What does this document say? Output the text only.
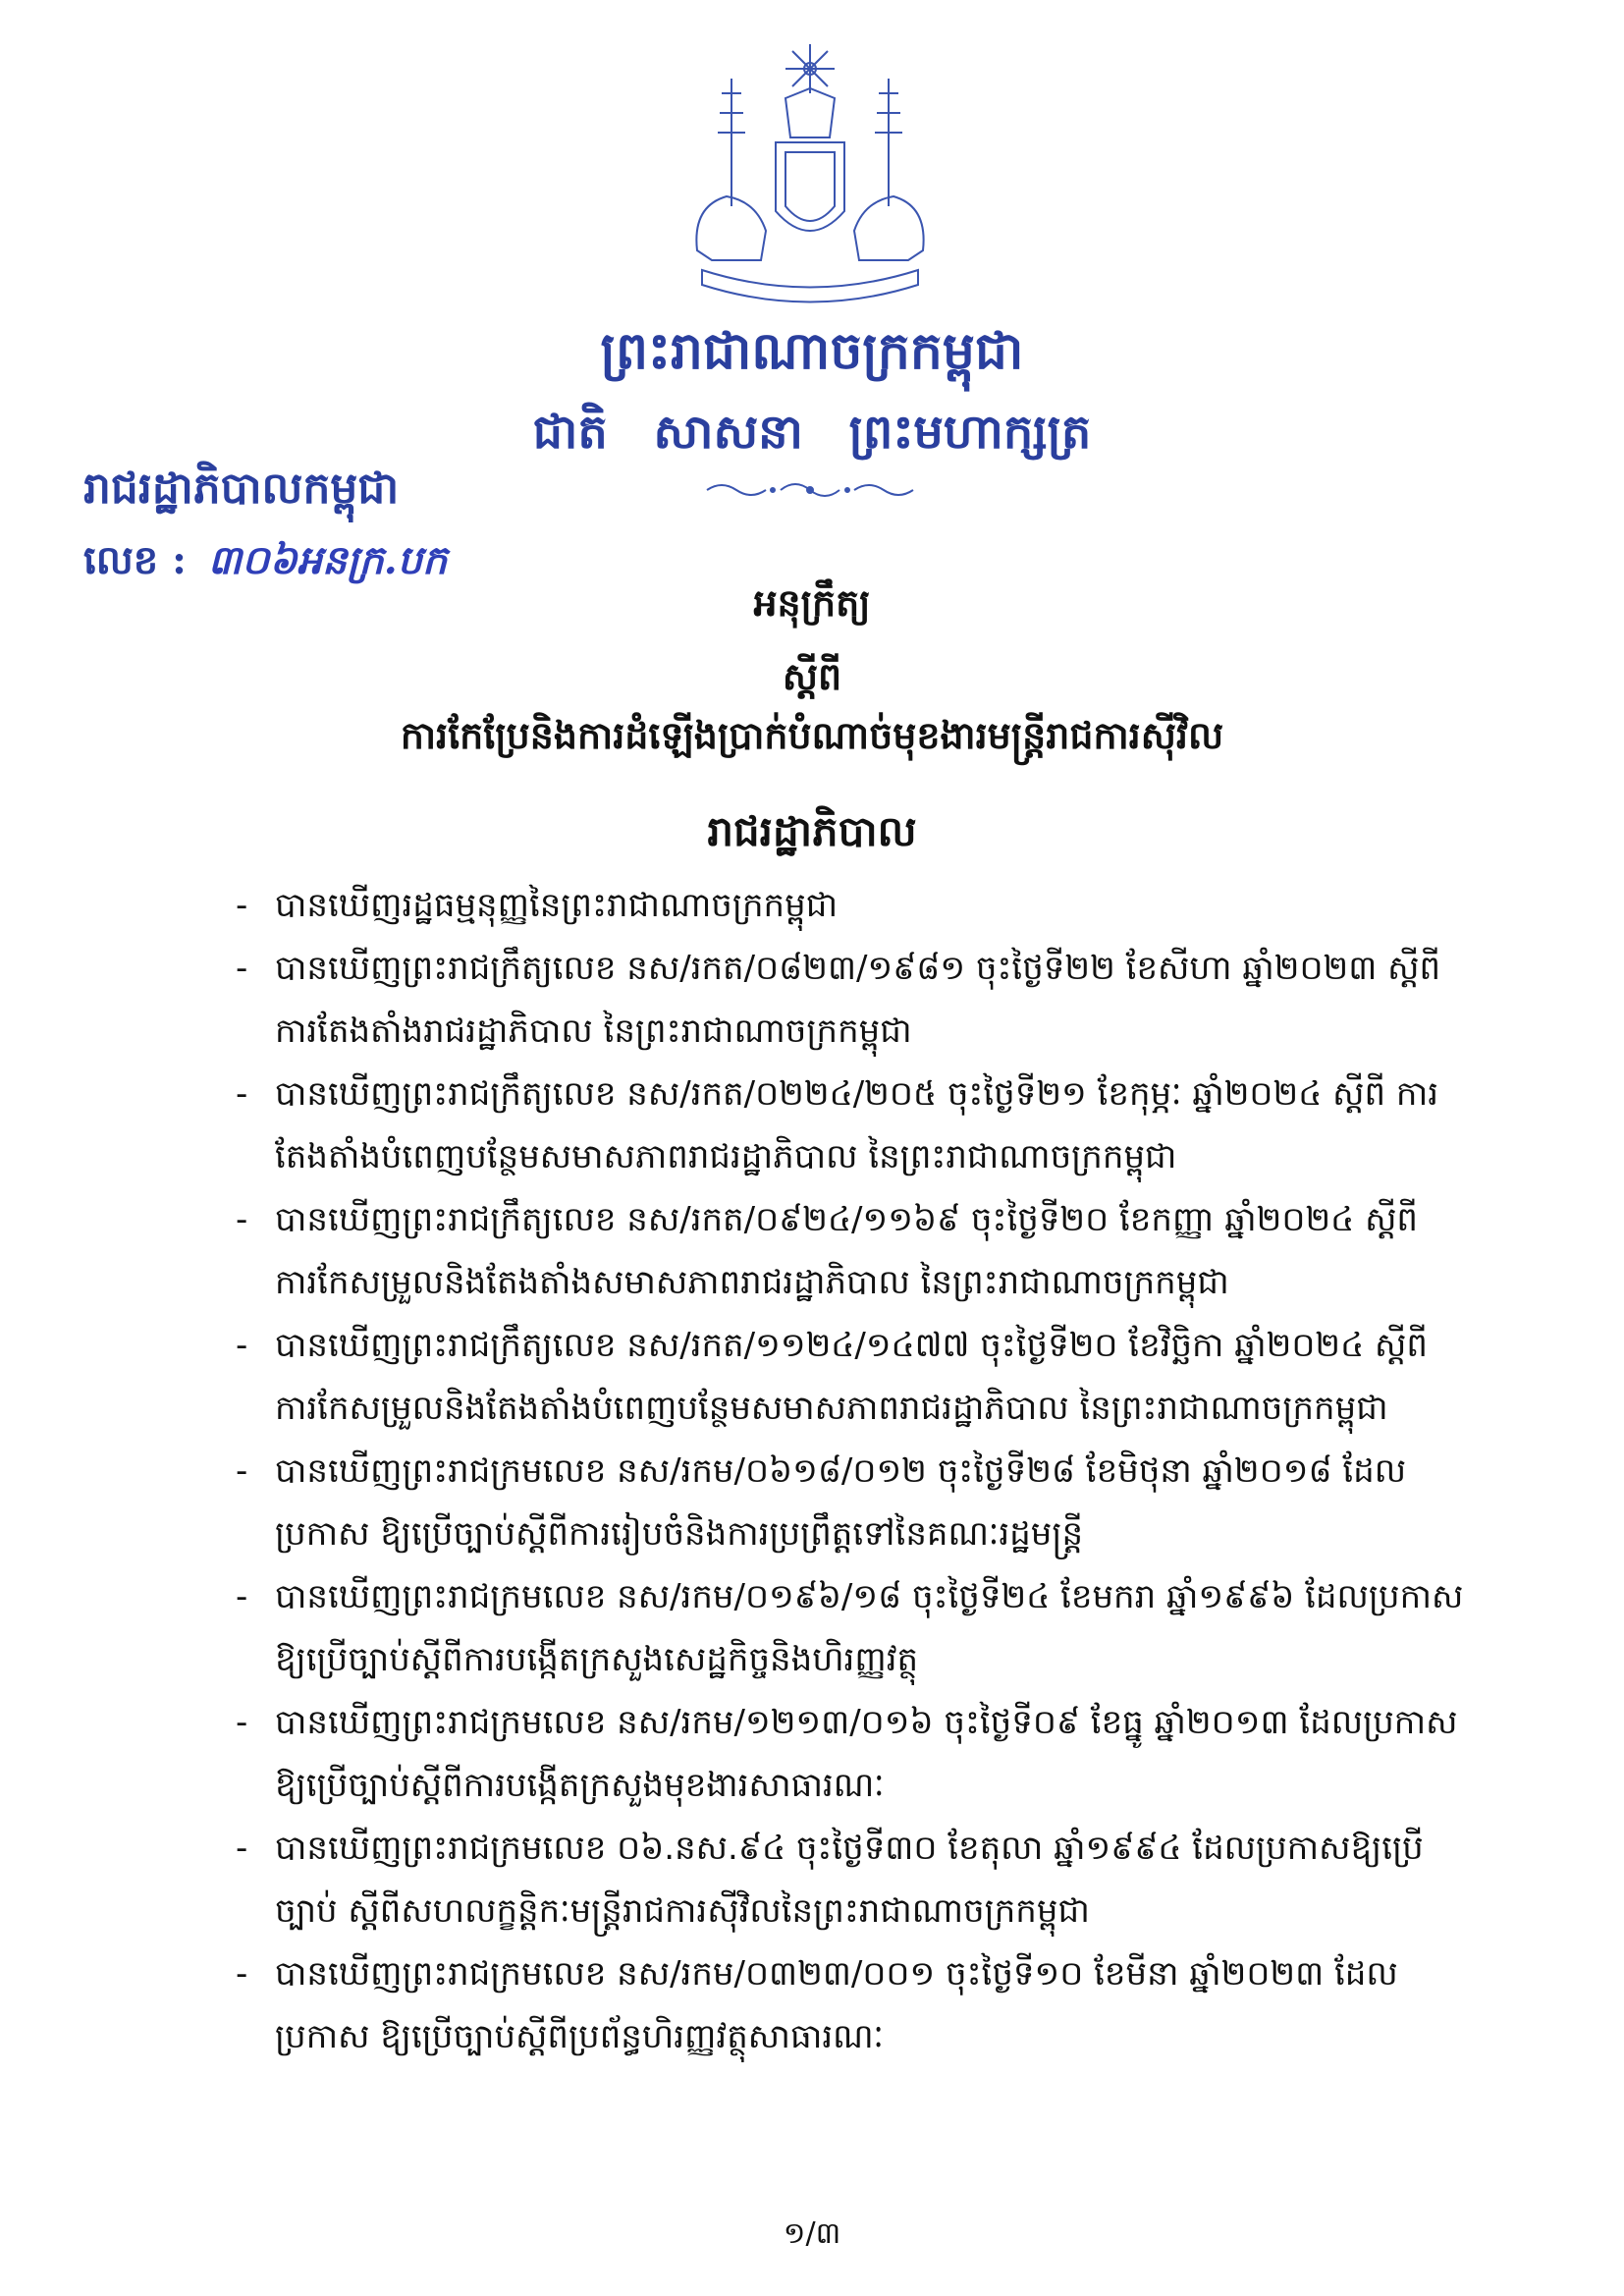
ព្រះរាជាណាចក្រកម្ពុជា
ជាតិ សាសនា ព្រះមហាក្សត្រ
រាជរដ្ឋាភិបាលកម្ពុជា
លេខ : ៣០៦អនក្រ.បក
អនុក្រឹត្យ
ស្តីពី
ការកែប្រែនិងការដំឡើងប្រាក់បំណាច់មុខងារមន្ត្រីរាជការស៊ីវិល
រាជរដ្ឋាភិបាល
- បានឃើញរដ្ឋធម្មនុញ្ញនៃព្រះរាជាណាចក្រកម្ពុជា
- បានឃើញព្រះរាជក្រឹត្យលេខ នស/រកត/០៨២៣/១៩៨១ ចុះថ្ងៃទី២២ ខែសីហា ឆ្នាំ២០២៣ ស្តីពី ការតែងតាំងរាជរដ្ឋាភិបាល នៃព្រះរាជាណាចក្រកម្ពុជា
- បានឃើញព្រះរាជក្រឹត្យលេខ នស/រកត/០២២៤/២០៥ ចុះថ្ងៃទី២១ ខែកុម្ភៈ ឆ្នាំ២០២៤ ស្តីពី ការតែងតាំងបំពេញបន្ថែមសមាសភាពរាជរដ្ឋាភិបាល នៃព្រះរាជាណាចក្រកម្ពុជា
- បានឃើញព្រះរាជក្រឹត្យលេខ នស/រកត/០៩២៤/១១៦៩ ចុះថ្ងៃទី២០ ខែកញ្ញា ឆ្នាំ២០២៤ ស្តីពី ការកែសម្រួលនិងតែងតាំងសមាសភាពរាជរដ្ឋាភិបាល នៃព្រះរាជាណាចក្រកម្ពុជា
- បានឃើញព្រះរាជក្រឹត្យលេខ នស/រកត/១១២៤/១៤៧៧ ចុះថ្ងៃទី២០ ខែវិច្ឆិកា ឆ្នាំ២០២៤ ស្តីពី ការកែសម្រួលនិងតែងតាំងបំពេញបន្ថែមសមាសភាពរាជរដ្ឋាភិបាល នៃព្រះរាជាណាចក្រកម្ពុជា
- បានឃើញព្រះរាជក្រមលេខ នស/រកម/០៦១៨/០១២ ចុះថ្ងៃទី២៨ ខែមិថុនា ឆ្នាំ២០១៨ ដែលប្រកាស ឱ្យប្រើច្បាប់ស្តីពីការរៀបចំនិងការប្រព្រឹត្តទៅនៃគណៈរដ្ឋមន្ត្រី
- បានឃើញព្រះរាជក្រមលេខ នស/រកម/០១៩៦/១៨ ចុះថ្ងៃទី២៤ ខែមករា ឆ្នាំ១៩៩៦ ដែលប្រកាស ឱ្យប្រើច្បាប់ស្តីពីការបង្កើតក្រសួងសេដ្ឋកិច្ចនិងហិរញ្ញវត្ថុ
- បានឃើញព្រះរាជក្រមលេខ នស/រកម/១២១៣/០១៦ ចុះថ្ងៃទី០៩ ខែធ្នូ ឆ្នាំ២០១៣ ដែលប្រកាស ឱ្យប្រើច្បាប់ស្តីពីការបង្កើតក្រសួងមុខងារសាធារណៈ
- បានឃើញព្រះរាជក្រមលេខ ០៦.នស.៩៤ ចុះថ្ងៃទី៣០ ខែតុលា ឆ្នាំ១៩៩៤ ដែលប្រកាសឱ្យប្រើច្បាប់ ស្តីពីសហលក្ខន្តិកៈមន្ត្រីរាជការស៊ីវិលនៃព្រះរាជាណាចក្រកម្ពុជា
- បានឃើញព្រះរាជក្រមលេខ នស/រកម/០៣២៣/០០១ ចុះថ្ងៃទី១០ ខែមីនា ឆ្នាំ២០២៣ ដែលប្រកាស ឱ្យប្រើច្បាប់ស្តីពីប្រព័ន្ធហិរញ្ញវត្ថុសាធារណៈ
១/៣
